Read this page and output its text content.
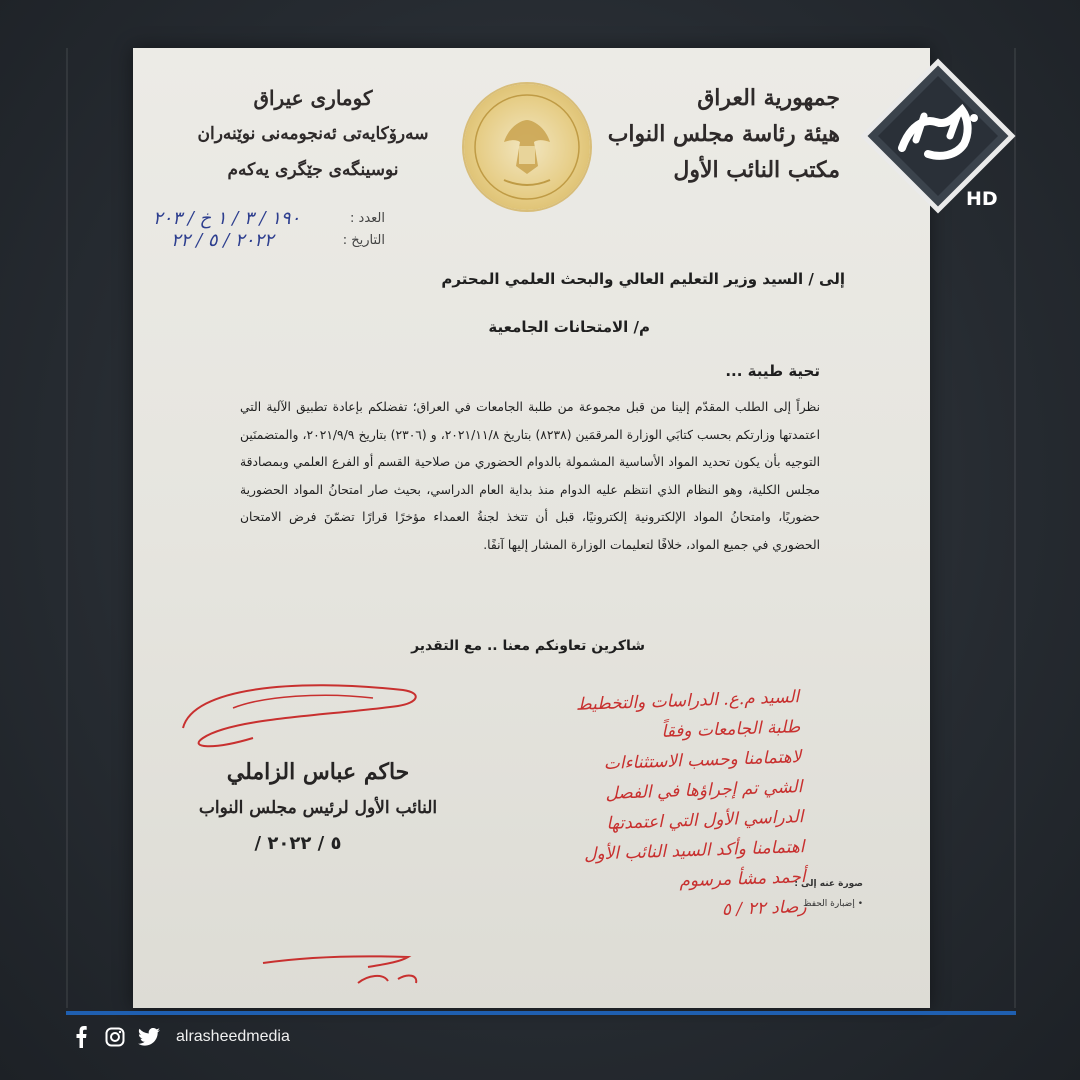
جمهورية العراق
هيئة رئاسة مجلس النواب
مكتب النائب الأول
كوماری عیراق
سەرۆکایەتی ئەنجومەنی نوێنەران
نوسینگەی جێگری یەکەم
العدد :
التاريخ :
١٩٠ / ٣ / ١ خ / ٢٠٣
٢٠٢٢ / ٥ / ٢٢
إلى / السيد وزير التعليم العالي والبحث العلمي المحترم
م/ الامتحانات الجامعية
تحية طيبة ...
نظراً إلى الطلب المقدّم إلينا من قبل مجموعة من طلبة الجامعات في العراق؛ تفضلكم بإعادة تطبيق الآلية التي اعتمدتها وزارتكم بحسب كتابَي الوزارة المرقمَين (٨٢٣٨) بتاريخ ٢٠٢١/١١/٨، و (٢٣٠٦) بتاريخ ٢٠٢١/٩/٩، والمتضمنَين التوجيه بأن يكون تحديد المواد الأساسية المشمولة بالدوام الحضوري من صلاحية القسم أو الفرع العلمي وبمصادقة مجلس الكلية، وهو النظام الذي انتظم عليه الدوام منذ بداية العام الدراسي، بحيث صار امتحانُ المواد الحضورية حضوريًا، وامتحانُ المواد الإلكترونية إلكترونيًا، قبل أن تتخذ لجنةُ العمداء مؤخرًا قرارًا تضمّنَ فرض الامتحان الحضوري في جميع المواد، خلافًا لتعليمات الوزارة المشار إليها آنفًا.
شاكرين تعاونكم معنا .. مع التقدير
حاكم عباس الزاملي
النائب الأول لرئيس مجلس النواب
/ ٥ / ٢٠٢٢
السيد م.ع. الدراسات والتخطيط
طلبة الجامعات وفقاً
لاهتمامنا وحسب الاستثناءات
الشي تم إجراؤها في الفصل
الدراسي الأول التي اعتمدتها
اهتمامنا وأكد السيد النائب الأول
أحمد مشأ مرسوم
رصاد ٢٢ / ٥
صورة عنه إلى :
• إضبارة الحفظ
HD
alrasheedmedia
